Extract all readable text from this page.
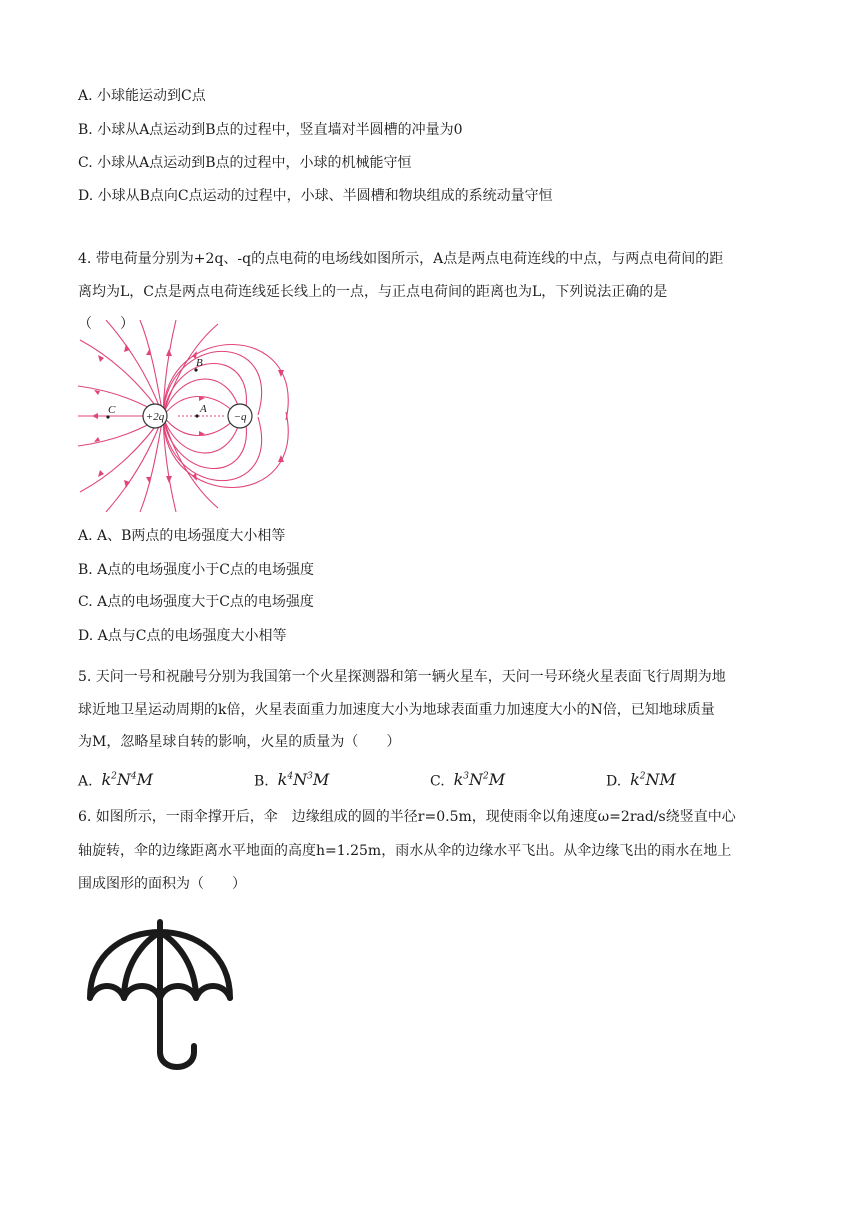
A. 小球能运动到C点
B. 小球从A点运动到B点的过程中，竖直墙对半圆槽的冲量为0
C. 小球从A点运动到B点的过程中，小球的机械能守恒
D. 小球从B点向C点运动的过程中，小球、半圆槽和物块组成的系统动量守恒
4. 带电荷量分别为+2q、-q的点电荷的电场线如图所示，A点是两点电荷连线的中点，与两点电荷间的距
离均为L，C点是两点电荷连线延长线上的一点，与正点电荷间的距离也为L，下列说法正确的是
（　　）
+2q	−q
B
A
C
A. A、B两点的电场强度大小相等
B. A点的电场强度小于C点的电场强度
C. A点的电场强度大于C点的电场强度
D. A点与C点的电场强度大小相等
5. 天问一号和祝融号分别为我国第一个火星探测器和第一辆火星车，天问一号环绕火星表面飞行周期为地
球近地卫星运动周期的k倍，火星表面重力加速度大小为地球表面重力加速度大小的N倍，已知地球质量
为M，忽略星球自转的影响，火星的质量为（　　）
A. $k^2N^4M$	B. $k^4N^3M$	C. $k^3N^2M$	D. $k^2NM$
6. 如图所示，一雨伞撑开后，伞　边缘组成的圆的半径r=0.5m，现使雨伞以角速度ω=2rad/s绕竖直中心
轴旋转，伞的边缘距离水平地面的高度h=1.25m，雨水从伞的边缘水平飞出。从伞边缘飞出的雨水在地上
围成图形的面积为（　　）
